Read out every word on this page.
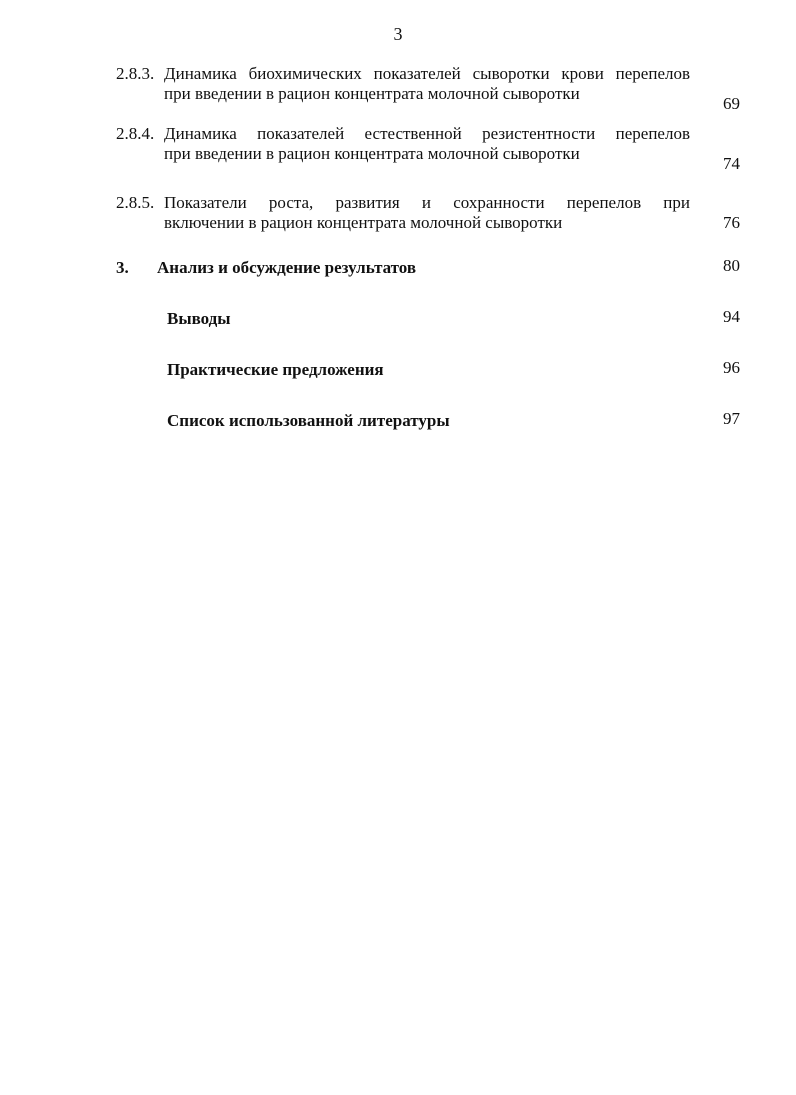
3
2.8.3. Динамика биохимических показателей сыворотки крови перепелов
при введении в рацион концентрата молочной сыворотки
69
2.8.4. Динамика показателей естественной резистентности перепелов
при введении в рацион концентрата молочной сыворотки
74
2.8.5. Показатели роста, развития и сохранности перепелов при
включении в рацион концентрата молочной сыворотки	76
3. Анализ и обсуждение результатов	80
Выводы	94
Практические предложения	96
Список использованной литературы	97
